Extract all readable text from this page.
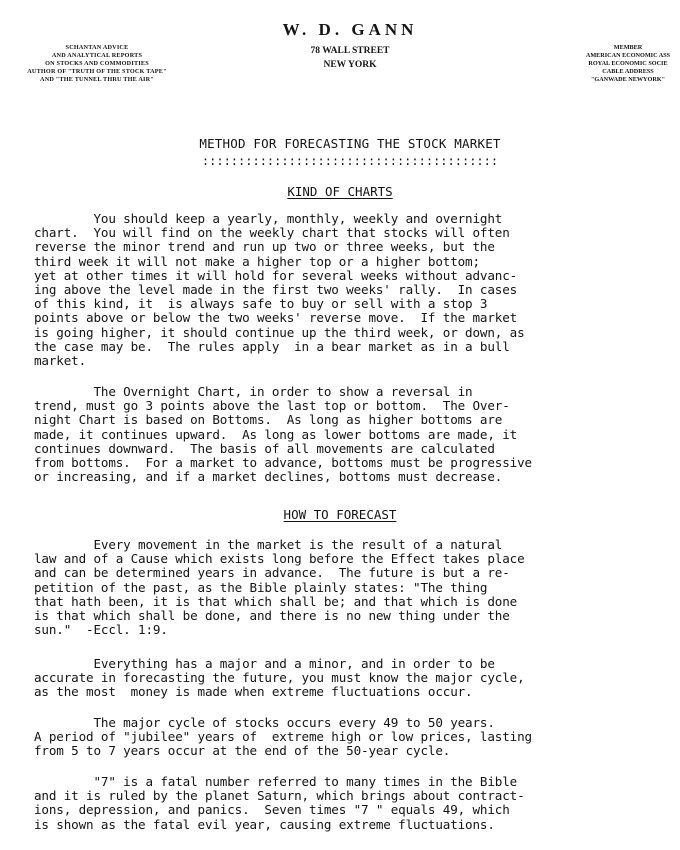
SCHANTAN ADVICE
AND ANALYTICAL REPORTS
ON STOCKS AND COMMODITIES
AUTHOR OF "TRUTH OF THE STOCK TAPE"
AND "THE TUNNEL THRU THE AIR"
W. D. GANN
78 WALL STREET
NEW YORK
MEMBER
AMERICAN ECONOMIC ASS
ROYAL ECONOMIC SOCIE
CABLE ADDRESS
"GANWADE NEWYORK"
METHOD FOR FORECASTING THE STOCK MARKET
:::::::::::::::::::::::::::::::::::::::::
KIND OF CHARTS
You should keep a yearly, monthly, weekly and overnight
chart.  You will find on the weekly chart that stocks will often
reverse the minor trend and run up two or three weeks, but the
third week it will not make a higher top or a higher bottom;
yet at other times it will hold for several weeks without advanc-
ing above the level made in the first two weeks' rally.  In cases
of this kind, it  is always safe to buy or sell with a stop 3
points above or below the two weeks' reverse move.  If the market
is going higher, it should continue up the third week, or down, as
the case may be.  The rules apply  in a bear market as in a bull
market.
The Overnight Chart, in order to show a reversal in
trend, must go 3 points above the last top or bottom.  The Over-
night Chart is based on Bottoms.  As long as higher bottoms are
made, it continues upward.  As long as lower bottoms are made, it
continues downward.  The basis of all movements are calculated
from bottoms.  For a market to advance, bottoms must be progressive
or increasing, and if a market declines, bottoms must decrease.
HOW TO FORECAST
Every movement in the market is the result of a natural
law and of a Cause which exists long before the Effect takes place
and can be determined years in advance.  The future is but a re-
petition of the past, as the Bible plainly states: "The thing
that hath been, it is that which shall be; and that which is done
is that which shall be done, and there is no new thing under the
sun."  -Eccl. 1:9.
Everything has a major and a minor, and in order to be
accurate in forecasting the future, you must know the major cycle,
as the most  money is made when extreme fluctuations occur.
The major cycle of stocks occurs every 49 to 50 years.
A period of "jubilee" years of  extreme high or low prices, lasting
from 5 to 7 years occur at the end of the 50-year cycle.
"7" is a fatal number referred to many times in the Bible
and it is ruled by the planet Saturn, which brings about contract-
ions, depression, and panics.  Seven times "7 " equals 49, which
is shown as the fatal evil year, causing extreme fluctuations.
